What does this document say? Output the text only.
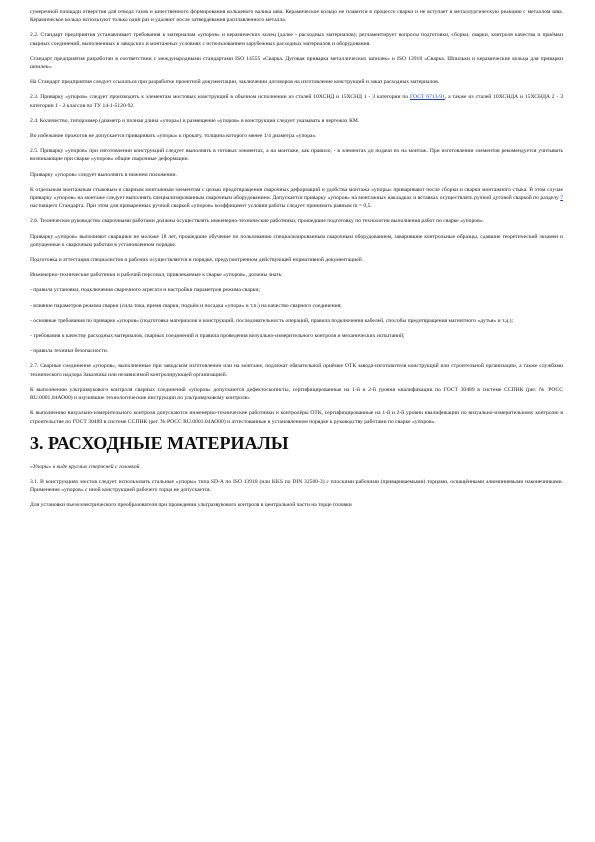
сумеречной площади отверстия для отвода газов и качественного формирования кольцевого валика шва. Керамическое кольцо не плавится в процессе сварки и не вступает в металлургическую реакцию с металлом шва. Керамическое кольцо используют только один раз и удаляют после затвердевания расплавленного металла.
2.2. Стандарт предприятия устанавливает требования к материалам «упоров» и керамических колец (далее - расходных материалов); регламентирует вопросы подготовки, сборки, сварки, контроля качества и приёмки сварных соединений, выполненных в заводских и монтажных условиях с использованием зарубежных расходных материалов и оборудования.
Стандарт предприятия разработан в соответствии с международными стандартами ISO 14555 «Сварка. Дуговая приварка металлических шпилек» и ISO 13918 «Сварка. Шпильки и керамические кольца для приварки шпилек».
На Стандарт предприятия следует ссылаться при разработке проектной документации, заключении договоров на изготовление конструкций и заказ расходных материалов.
2.3. Приварку «упоров» следует производить к элементам мостовых конструкций в обычном исполнении из сталей 10ХСНД и 15ХСНД 1 - 3 категории по ГОСТ 6713-91, а также из сталей 10ХСНДА и 15ХСНДА 2 - 3 категории 1 - 2 классов по ТУ 14-1-5120-92.
2.4. Количество, типоразмер (диаметр и полная длина «упора») и размещение «упоров» в конструкции следует указывать в чертежах КМ.
Во избежание прожогов не допускается приваривать «упоры» к прокату, толщина которого менее 1/4 диаметра «упора».
2.5. Приварку «упоров» при изготовлении конструкций следует выполнять в готовых элементах, а на монтаже, как правило, - в элементах до подачи их на монтаж. При изготовлении элементов рекомендуется учитывать возникающие при сварке «упоров» общие сварочные деформации.
Приварку «упоров» следует выполнять в нижнем положении.
К отдельным монтажным стыковым и сварным монтажным элементам с целью предотвращения сварочных деформаций и удобства монтажа «упоры» приваривают после сборки и сварки монтажного стыка. В этом случае приварку «упоров» на монтаже следует выполнять специализированным сварочным оборудованием. Допускается приварку «упоров» на монтажных накладках и вставках осуществлять ручной дуговой сваркой по разделу 7 настоящего Стандарта. При этом для приваренных ручной сваркой «упоров» коэффициент условия работы следует принимать равным m = 0,5.
2.6. Техническое руководство сварочными работами должны осуществлять инженерно-технические работники, прошедшие подготовку по технологии выполнения работ по сварке «упоров».
Приварку «упоров» выполняют сварщики не моложе 18 лет, прошедшие обучение по пользованию специализированным сварочным оборудованием, заварившие контрольные образцы, сдавшие теоретический экзамен и допущенные к сварочным работам в установленном порядке.
Подготовка и аттестация специалистов и рабочих осуществляется в порядке, предусмотренном действующей нормативной документацией.
Инженерно-технические работники и рабочий персонал, привлекаемые к сварке «упоров», должны знать:
- правила установки, подключения сварочного агрегата и настройки параметров режима сварки;
- влияние параметров режима сварки (сила тока, время сварки, подъём и посадка «упора» и т.п.) на качество сварного соединения;
- основные требования по приварке «упоров» (подготовка материалов и конструкций, последовательность операций, правила подключения кабелей, способы предотвращения магнитного «дутья» и т.д.);
- требования к качеству расходных материалов, сварных соединений и правила проведения визуально-измерительного контроля и механических испытаний;
- правила техники безопасности.
2.7. Сварные соединения «упоров», выполненные при заводском изготовлении или на монтаже, подлежат обязательной приёмке ОТК завода-изготовителя конструкций или строительной организации, а также службами технического надзора Заказчика или независимой контролирующей организацией.
К выполнению ультразвукового контроля сварных соединений «упоров» допускаются дефектоскописты, сертифицированные на 1-й и 2-й уровни квалификации по ГОСТ 30489 в системе ССПНК (рег. № РОСС RU.0001.04АО00) и изучившие технологические инструкции по ультразвуковому контролю.
К выполнению визуально-измерительного контроля допускаются инженерно-технические работники и контролёры ОТК, сертифицированные на 1-й и 2-й уровни квалификации по визуально-измерительному контролю в строительстве по ГОСТ 30489 в системе ССПНК (рег. № РОСС RU.0001.04АО00) и аттестованные в установленном порядке к руководству работами по сварке «упоров».
3. РАСХОДНЫЕ МАТЕРИАЛЫ
«Упоры» в виде круглых стержней с головкой
3.1. В конструкциях мостов следует использовать стальные «упоры» типа SD-A по ISO 13918 (или KKS по DIN 32500-3) с плоскими рабочими (привариваемыми) торцами, оснащёнными алюминиевыми наконечниками. Применение «упоров» с иной конструкцией рабочего торца не допускается.
Для установки пьезоэлектрического преобразователя при проведении ультразвукового контроля в центральной части на торце головки
